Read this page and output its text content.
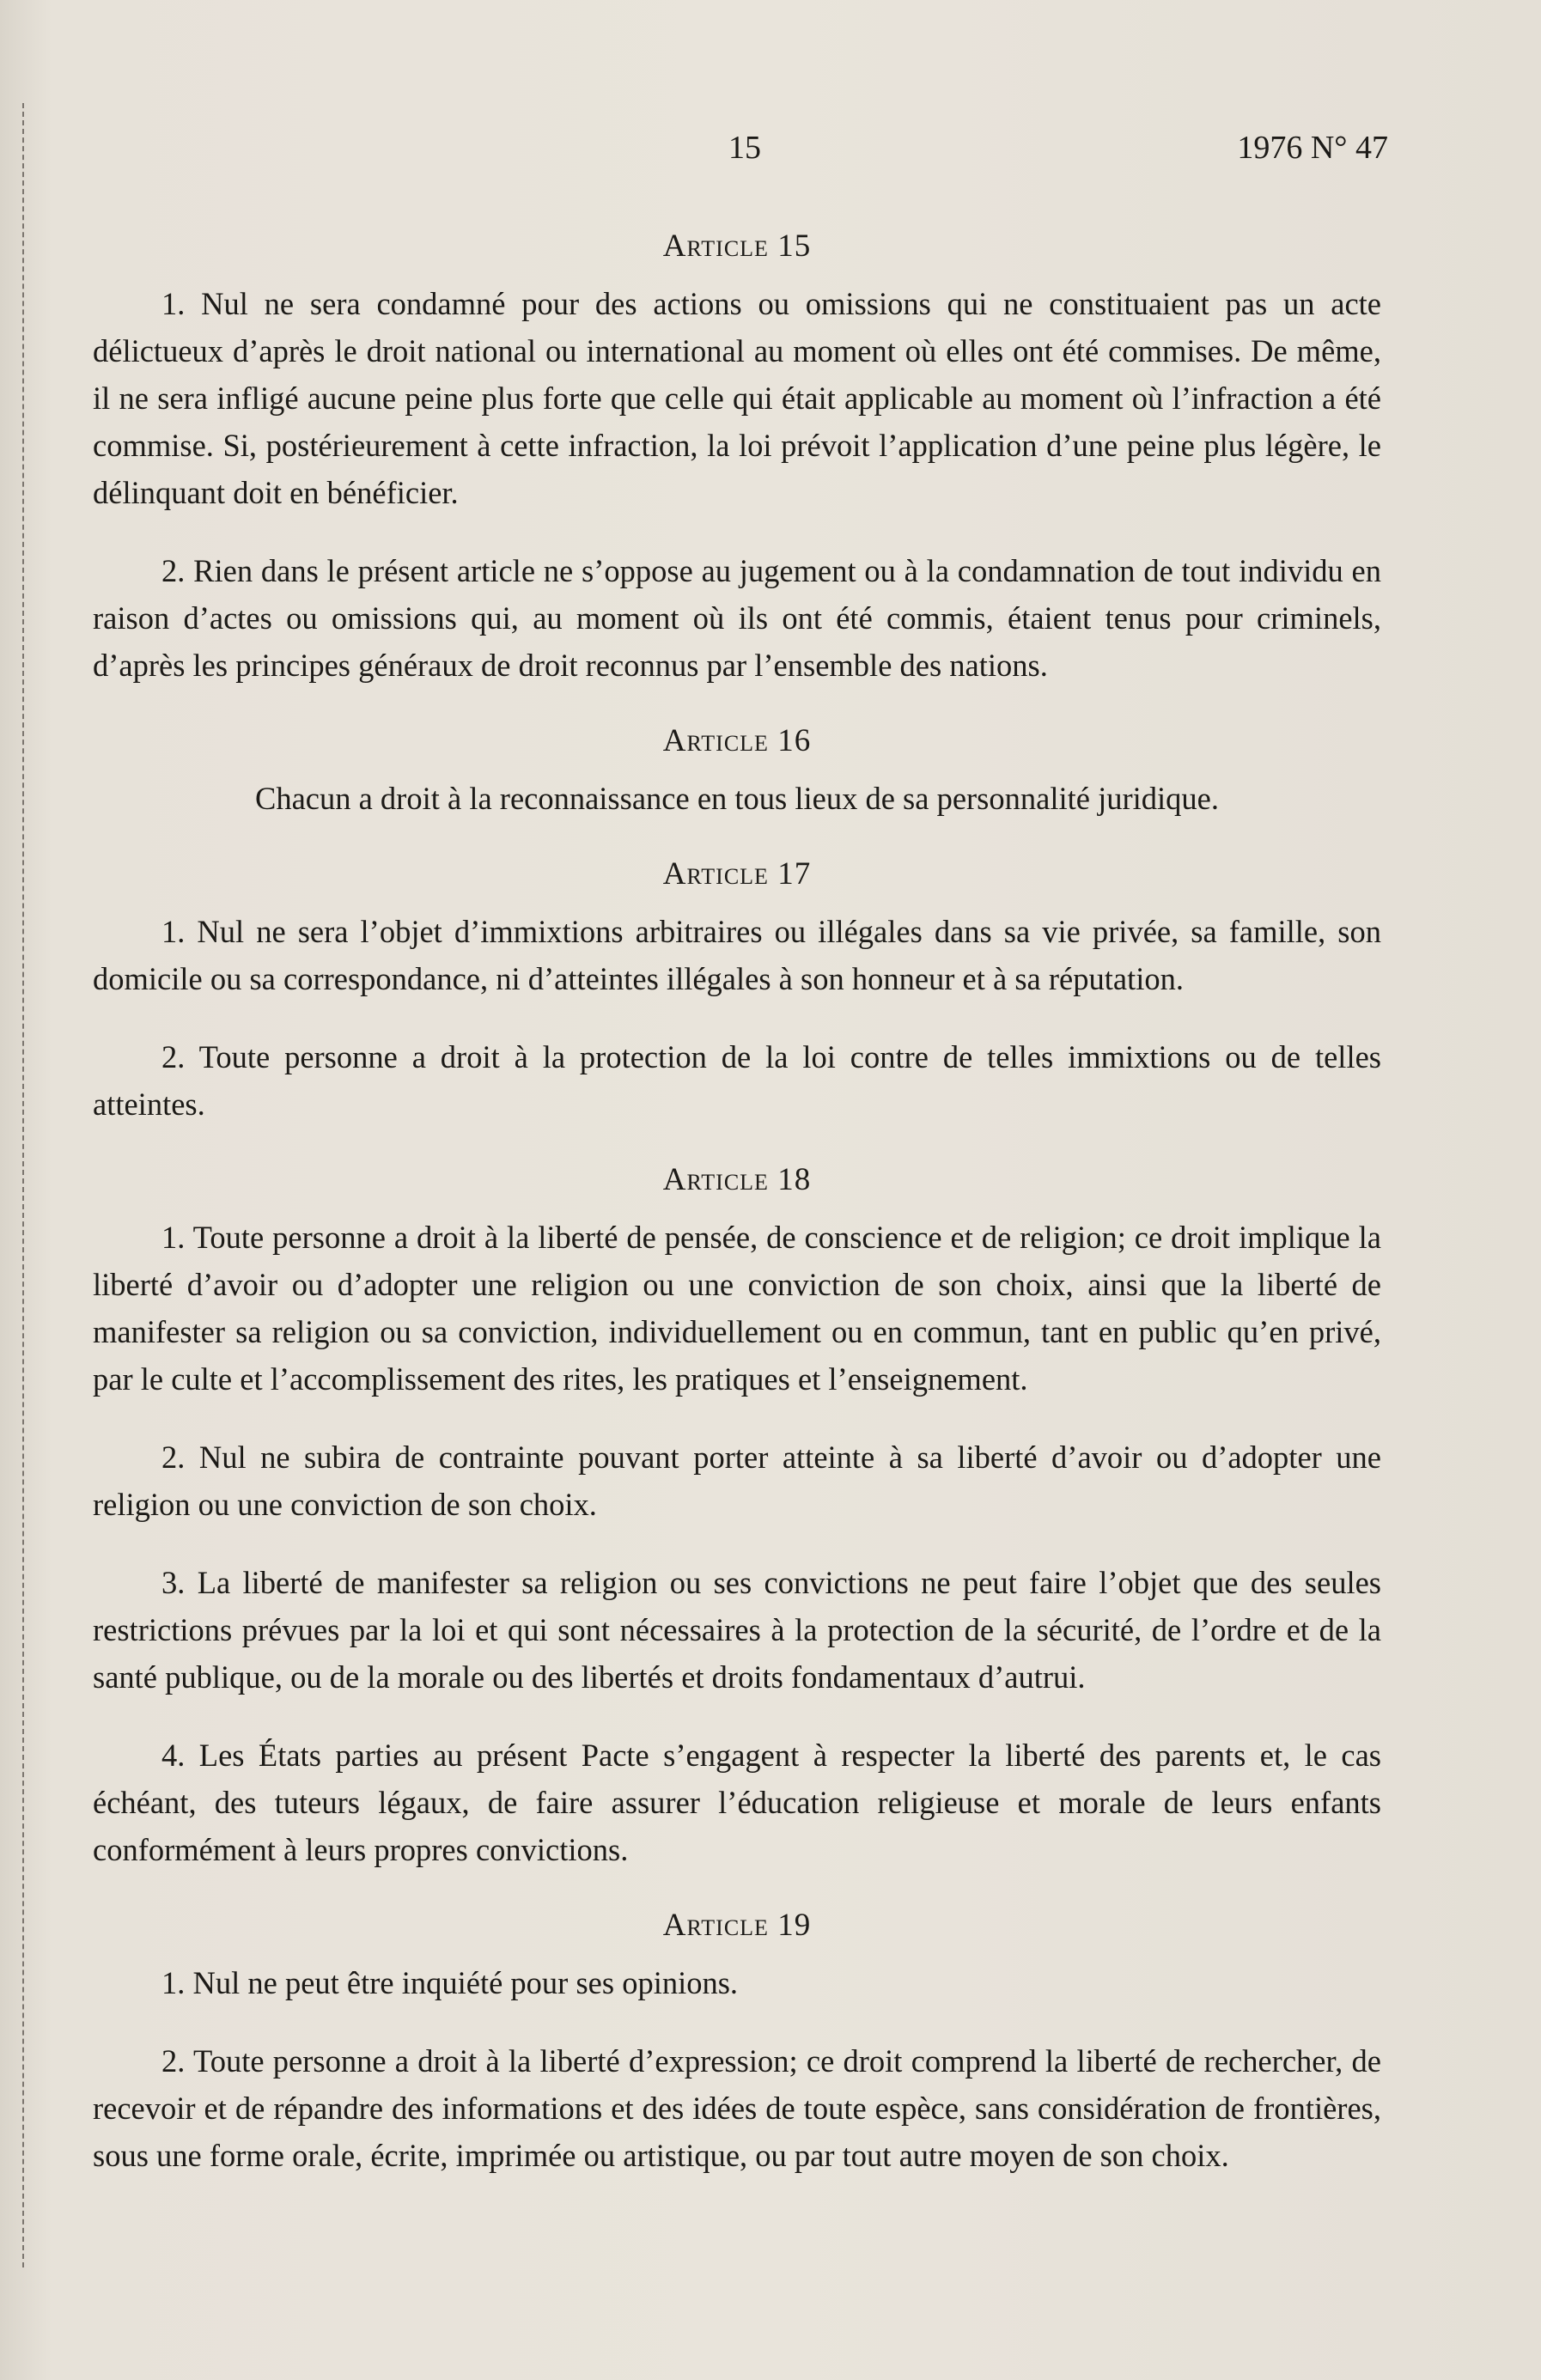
15	1976 N° 47
Article 15

1. Nul ne sera condamné pour des actions ou omissions qui ne constituaient pas un acte délictueux d’après le droit national ou international au moment où elles ont été commises. De même, il ne sera infligé aucune peine plus forte que celle qui était applicable au moment où l’infraction a été commise. Si, postérieurement à cette infraction, la loi prévoit l’application d’une peine plus légère, le délinquant doit en bénéficier.

2. Rien dans le présent article ne s’oppose au jugement ou à la condamnation de tout individu en raison d’actes ou omissions qui, au moment où ils ont été commis, étaient tenus pour criminels, d’après les principes généraux de droit reconnus par l’ensemble des nations.

Article 16

Chacun a droit à la reconnaissance en tous lieux de sa personnalité juridique.

Article 17

1. Nul ne sera l’objet d’immixtions arbitraires ou illégales dans sa vie privée, sa famille, son domicile ou sa correspondance, ni d’atteintes illégales à son honneur et à sa réputation.

2. Toute personne a droit à la protection de la loi contre de telles immixtions ou de telles atteintes.

Article 18

1. Toute personne a droit à la liberté de pensée, de conscience et de religion; ce droit implique la liberté d’avoir ou d’adopter une religion ou une conviction de son choix, ainsi que la liberté de manifester sa religion ou sa conviction, individuellement ou en commun, tant en public qu’en privé, par le culte et l’accomplissement des rites, les pratiques et l’enseignement.

2. Nul ne subira de contrainte pouvant porter atteinte à sa liberté d’avoir ou d’adopter une religion ou une conviction de son choix.

3. La liberté de manifester sa religion ou ses convictions ne peut faire l’objet que des seules restrictions prévues par la loi et qui sont nécessaires à la protection de la sécurité, de l’ordre et de la santé publique, ou de la morale ou des libertés et droits fondamentaux d’autrui.

4. Les États parties au présent Pacte s’engagent à respecter la liberté des parents et, le cas échéant, des tuteurs légaux, de faire assurer l’éducation religieuse et morale de leurs enfants conformément à leurs propres convictions.

Article 19

1. Nul ne peut être inquiété pour ses opinions.

2. Toute personne a droit à la liberté d’expression; ce droit comprend la liberté de rechercher, de recevoir et de répandre des informations et des idées de toute espèce, sans considération de frontières, sous une forme orale, écrite, imprimée ou artistique, ou par tout autre moyen de son choix.
